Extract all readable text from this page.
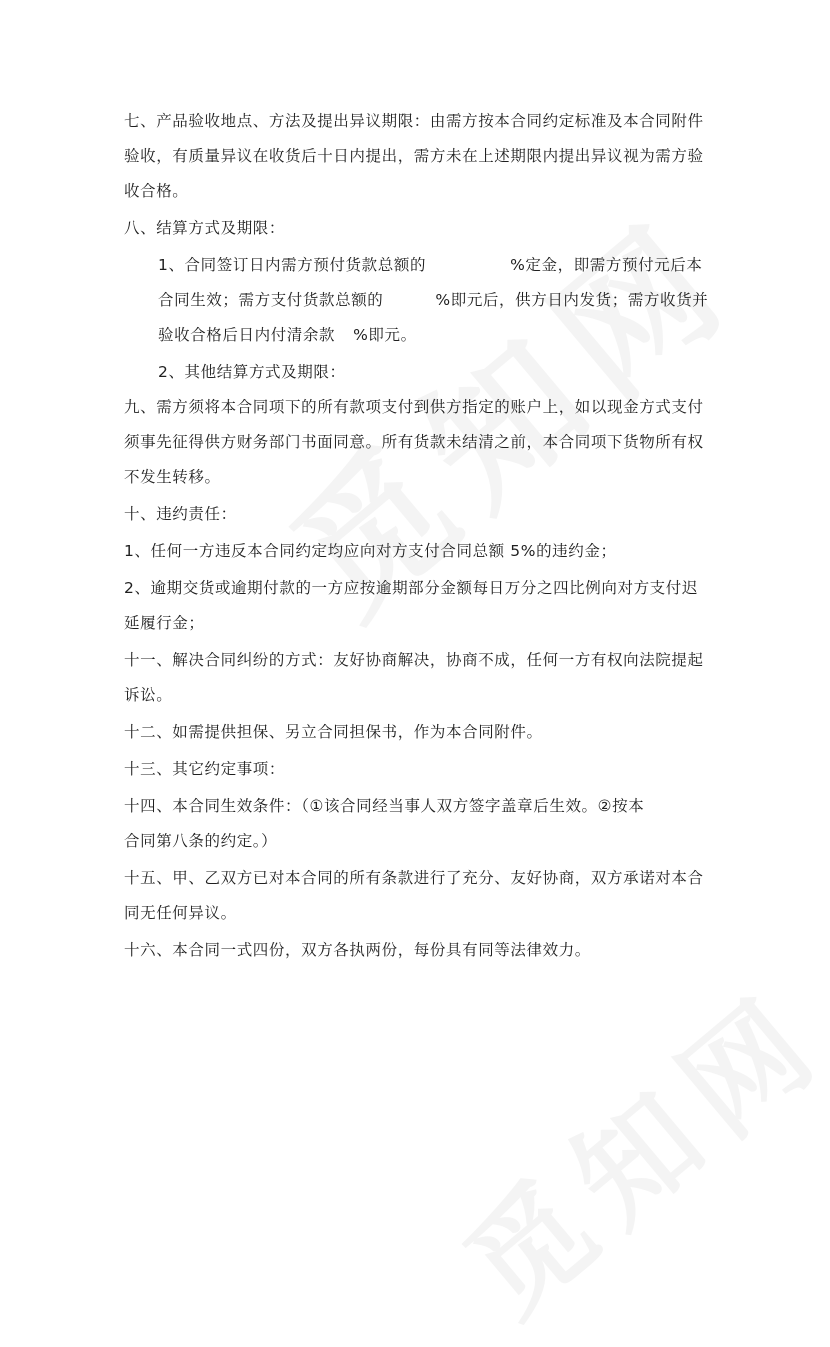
七、产品验收地点、方法及提出异议期限：由需方按本合同约定标准及本合同附件验收，有质量异议在收货后十日内提出，需方未在上述期限内提出异议视为需方验收合格。

八、结算方式及期限：

1、合同签订日内需方预付货款总额的	%定金，即需方预付元后本合同生效；需方支付货款总额的	%即元后，供方日内发货；需方收货并验收合格后日内付清余款 %即元。

2、其他结算方式及期限：

九、需方须将本合同项下的所有款项支付到供方指定的账户上，如以现金方式支付须事先征得供方财务部门书面同意。所有货款未结清之前，本合同项下货物所有权不发生转移。

十、违约责任：

1、任何一方违反本合同约定均应向对方支付合同总额 5%的违约金；

2、逾期交货或逾期付款的一方应按逾期部分金额每日万分之四比例向对方支付迟延履行金；

十一、解决合同纠纷的方式：友好协商解决，协商不成，任何一方有权向法院提起诉讼。

十二、如需提供担保、另立合同担保书，作为本合同附件。

十三、其它约定事项：

十四、本合同生效条件：（①该合同经当事人双方签字盖章后生效。②按本
合同第八条的约定。）

十五、甲、乙双方已对本合同的所有条款进行了充分、友好协商，双方承诺对本合同无任何异议。

十六、本合同一式四份，双方各执两份，每份具有同等法律效力。
